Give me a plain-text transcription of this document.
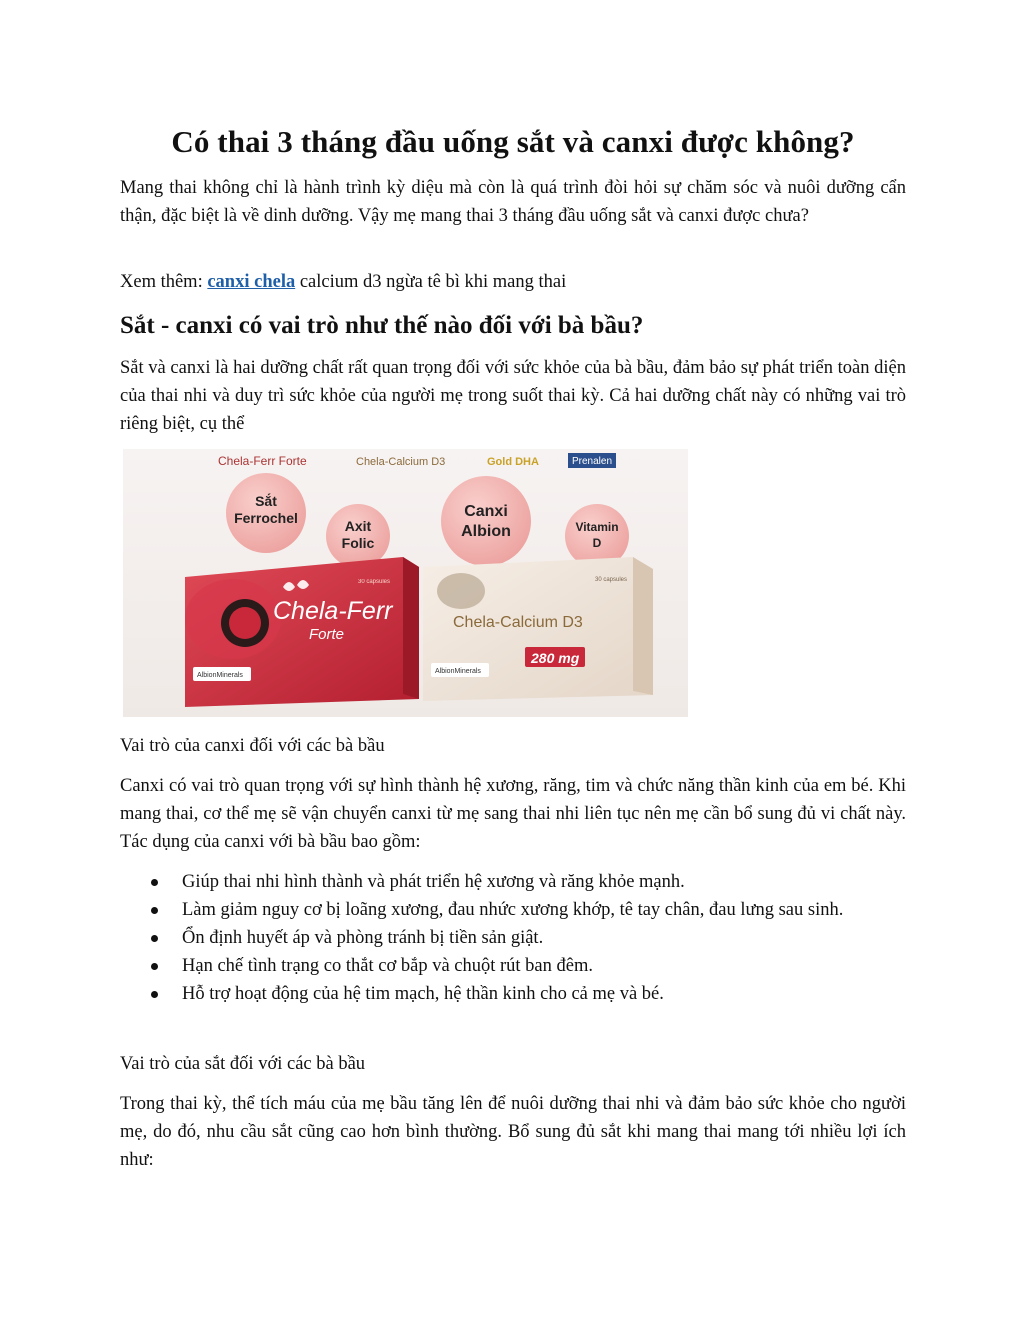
Có thai 3 tháng đầu uống sắt và canxi được không?

Mang thai không chỉ là hành trình kỳ diệu mà còn là quá trình đòi hỏi sự chăm sóc và nuôi dưỡng cẩn thận, đặc biệt là về dinh dưỡng. Vậy mẹ mang thai 3 tháng đầu uống sắt và canxi được chưa?

Xem thêm: canxi chela calcium d3 ngừa tê bì khi mang thai

Sắt - canxi có vai trò như thế nào đối với bà bầu?

Sắt và canxi là hai dưỡng chất rất quan trọng đối với sức khỏe của bà bầu, đảm bảo sự phát triển toàn diện của thai nhi và duy trì sức khỏe của người mẹ trong suốt thai kỳ. Cả hai dưỡng chất này có những vai trò riêng biệt, cụ thể

Chela-Ferr Forte	Chela-Calcium D3	Gold DHA	Prenalen
Sắt
Ferrochel	Axit
Folic
Canxi
Albion	Vitamin
D
30 capsules
Chela-Ferr
Forte
AlbionMinerals
30 capsules
Chela-Calcium D3
AlbionMinerals
280 mg

Vai trò của canxi đối với các bà bầu

Canxi có vai trò quan trọng với sự hình thành hệ xương, răng, tim và chức năng thần kinh của em bé. Khi mang thai, cơ thể mẹ sẽ vận chuyển canxi từ mẹ sang thai nhi liên tục nên mẹ cần bổ sung đủ vi chất này. Tác dụng của canxi với bà bầu bao gồm:

Giúp thai nhi hình thành và phát triển hệ xương và răng khỏe mạnh.
Làm giảm nguy cơ bị loãng xương, đau nhức xương khớp, tê tay chân, đau lưng sau sinh.
Ổn định huyết áp và phòng tránh bị tiền sản giật.
Hạn chế tình trạng co thắt cơ bắp và chuột rút ban đêm.
Hỗ trợ hoạt động của hệ tim mạch, hệ thần kinh cho cả mẹ và bé.

Vai trò của sắt đối với các bà bầu

Trong thai kỳ, thể tích máu của mẹ bầu tăng lên để nuôi dưỡng thai nhi và đảm bảo sức khỏe cho người mẹ, do đó, nhu cầu sắt cũng cao hơn bình thường. Bổ sung đủ sắt khi mang thai mang tới nhiều lợi ích như:
